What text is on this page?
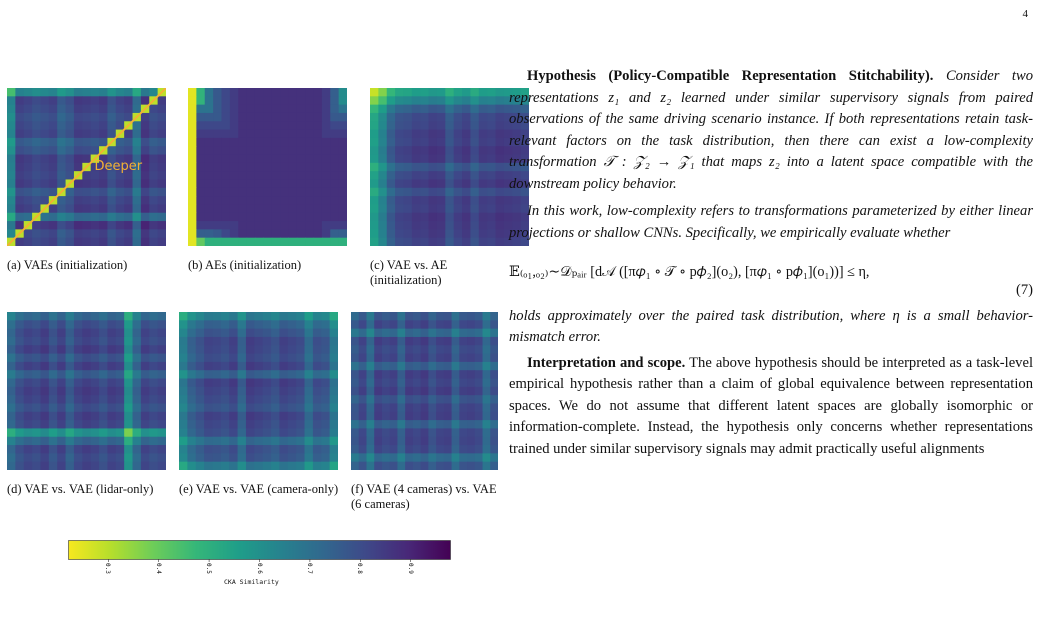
4
Deeper
(a) VAEs (initialization)	(b) AEs (initialization)	(c) VAE vs. AE (initialization)
(d) VAE vs. VAE (lidar-only)	(e) VAE vs. VAE (camera-only) (f) VAE (4 cameras) vs. VAE (6 cameras)
0.3	0.4	0.5	0.6	0.7	0.8	0.9
CKA Similarity

Hypothesis (Policy-Compatible Representation Stitchability). Consider two representations z₁ and z₂ learned under similar supervisory signals from paired observations of the same driving scenario instance. If both representations retain task-relevant factors on the task distribution, then there can exist a low-complexity transformation 𝒯 : 𝒵₂ → 𝒵₁ that maps z₂ into a latent space compatible with the downstream policy behavior.

In this work, low-complexity refers to transformations parameterized by either linear projections or shallow CNNs. Specifically, we empirically evaluate whether

𝔼₍ₒ₁,ₒ₂₎∼𝒟ₚₐᵢᵣ [d𝒜 ([π𝜑₁ ∘ 𝒯 ∘ p𝜙₂](o₂), [π𝜑₁ ∘ p𝜙₁](o₁))] ≤ η,
(7)

holds approximately over the paired task distribution, where η is a small behavior-mismatch error.

Interpretation and scope. The above hypothesis should be interpreted as a task-level empirical hypothesis rather than a claim of global equivalence between representation spaces. We do not assume that different latent spaces are globally isomorphic or information-complete. Instead, the hypothesis only concerns whether representations trained under similar supervisory signals may admit practically useful alignments
